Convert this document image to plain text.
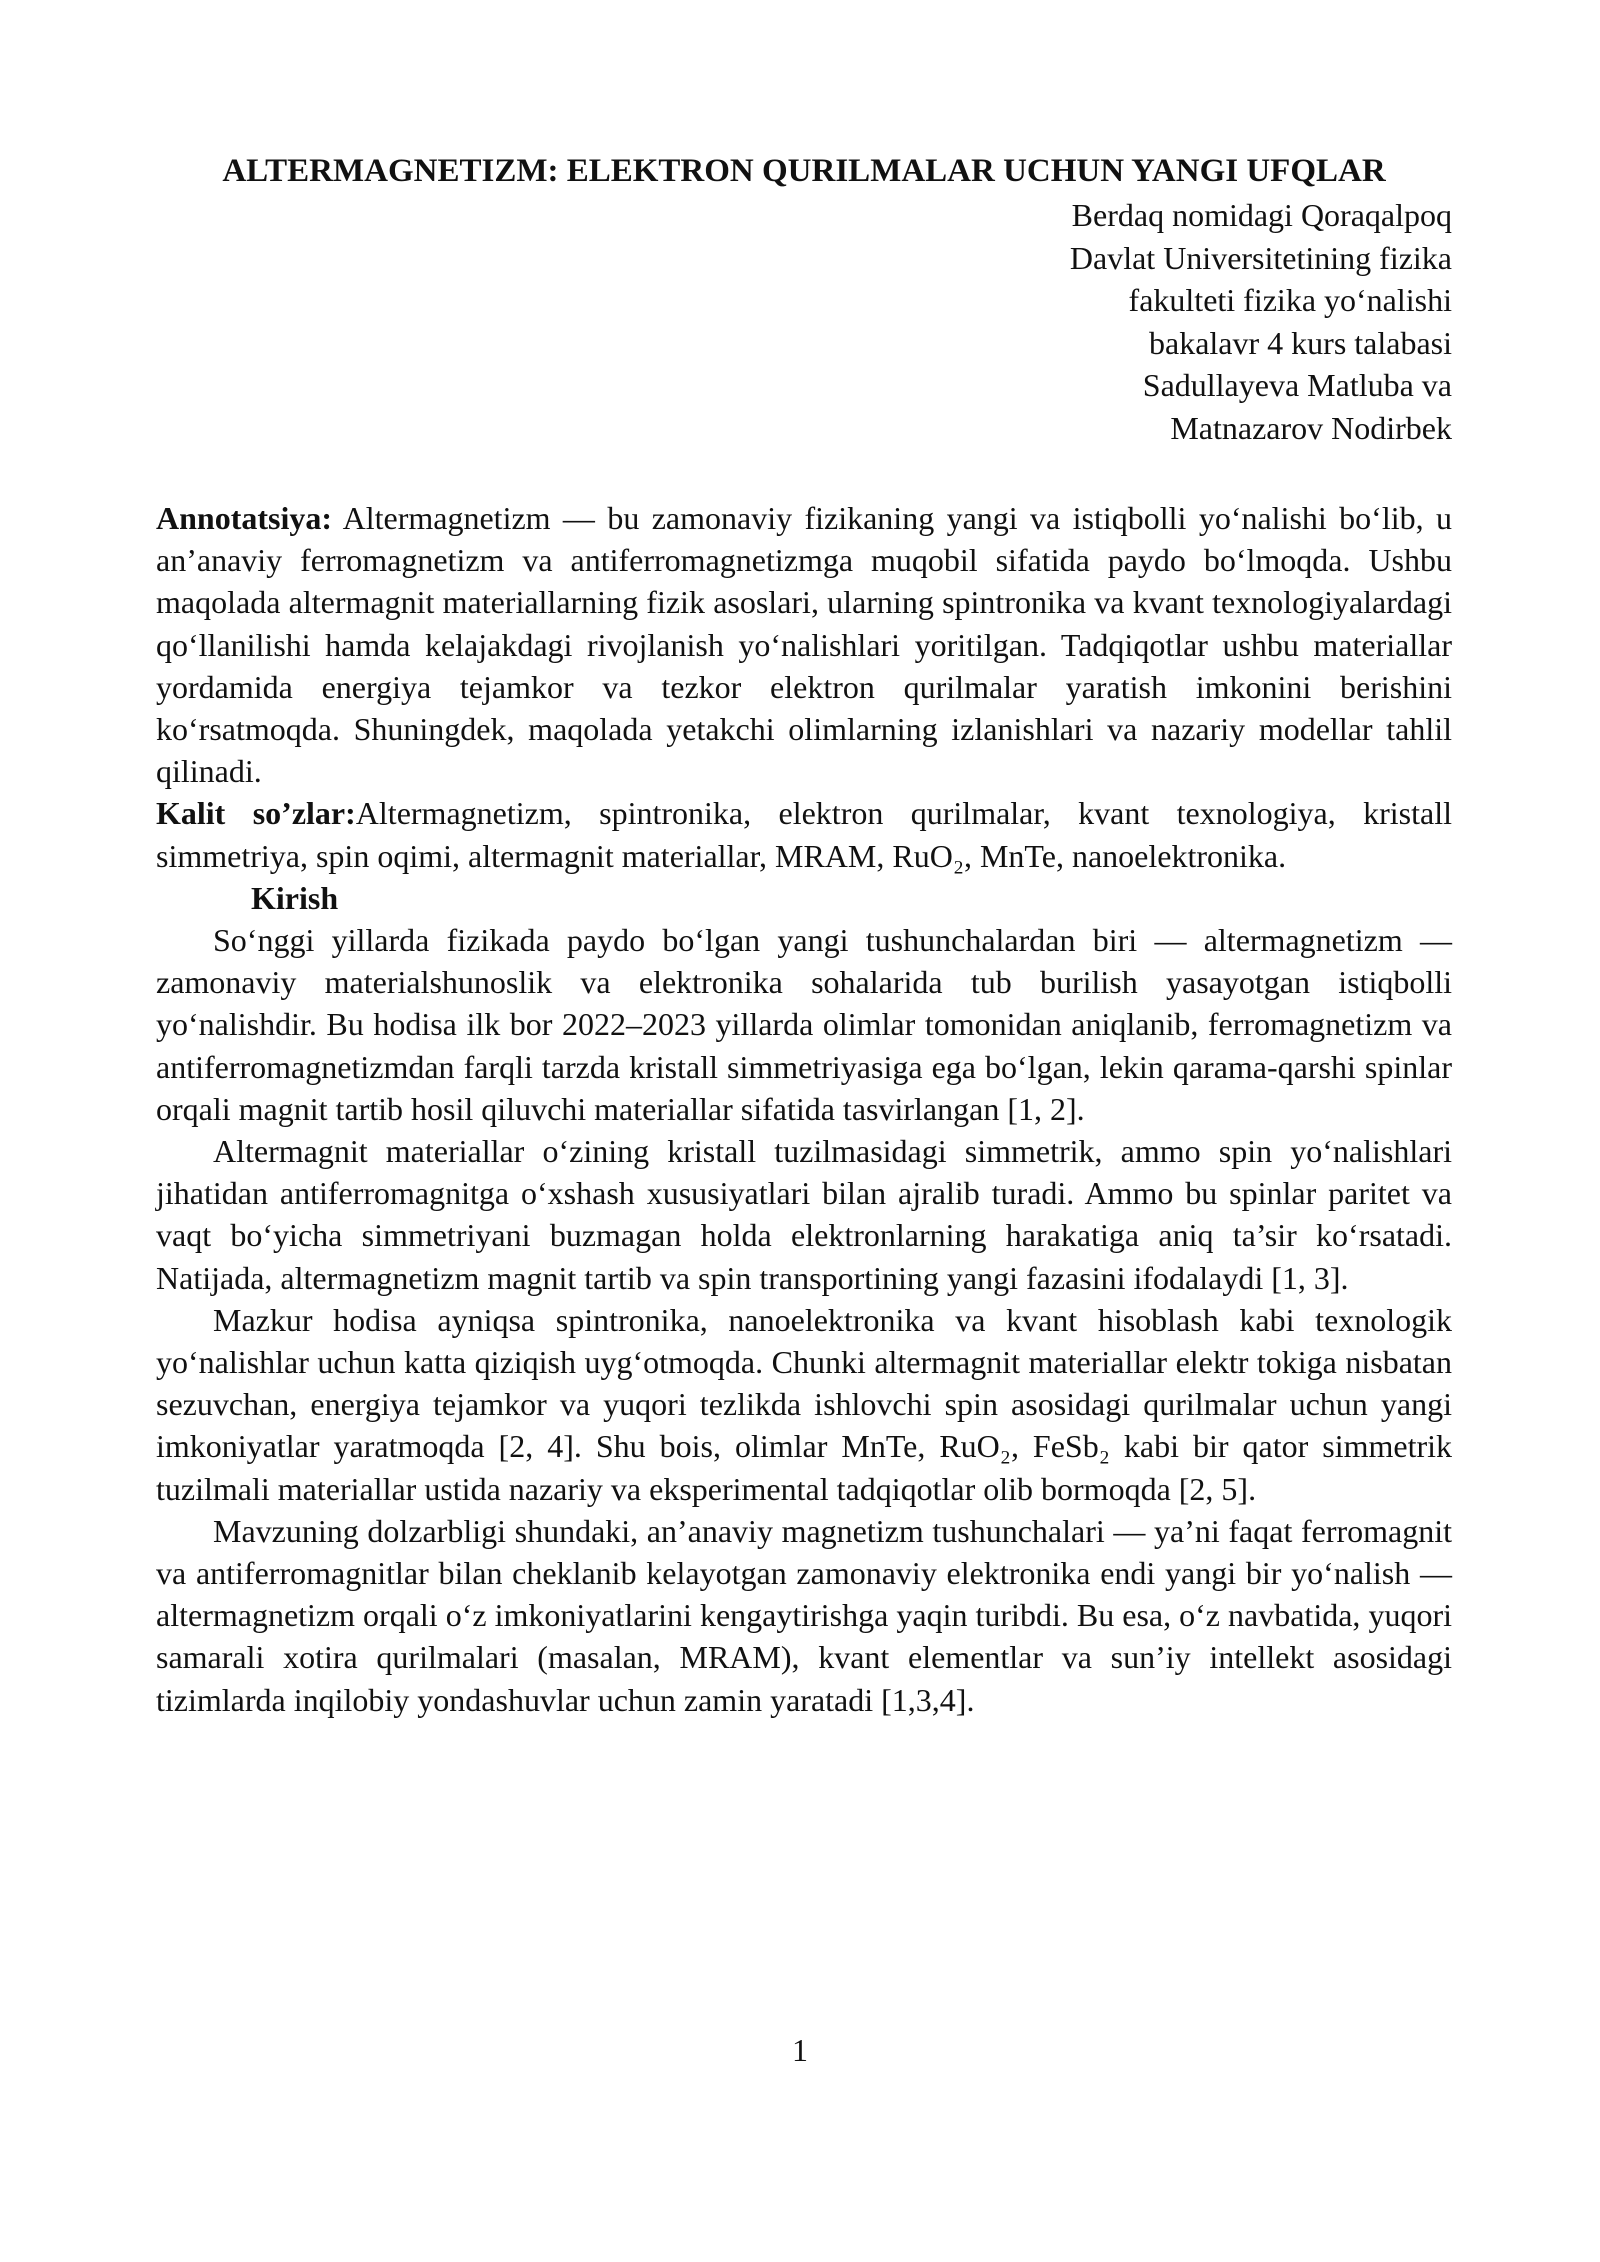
ALTERMAGNETIZM: ELEKTRON QURILMALAR UCHUN YANGI UFQLAR
Berdaq nomidagi Qoraqalpoq
Davlat Universitetining fizika
fakulteti fizika yo‘nalishi
bakalavr 4 kurs talabasi
Sadullayeva Matluba va
Matnazarov Nodirbek

Annotatsiya: Altermagnetizm — bu zamonaviy fizikaning yangi va istiqbolli yo‘nalishi bo‘lib, u an’anaviy ferromagnetizm va antiferromagnetizmga muqobil sifatida paydo bo‘lmoqda. Ushbu maqolada altermagnit materiallarning fizik asoslari, ularning spintronika va kvant texnologiyalardagi qo‘llanilishi hamda kelajakdagi rivojlanish yo‘nalishlari yoritilgan. Tadqiqotlar ushbu materiallar yordamida energiya tejamkor va tezkor elektron qurilmalar yaratish imkonini berishini ko‘rsatmoqda. Shuningdek, maqolada yetakchi olimlarning izlanishlari va nazariy modellar tahlil qilinadi.

Kalit so’zlar:Altermagnetizm, spintronika, elektron qurilmalar, kvant texnologiya, kristall simmetriya, spin oqimi, altermagnit materiallar, MRAM, RuO₂, MnTe, nanoelektronika.

Kirish

So‘nggi yillarda fizikada paydo bo‘lgan yangi tushunchalardan biri — altermagnetizm — zamonaviy materialshunoslik va elektronika sohalarida tub burilish yasayotgan istiqbolli yo‘nalishdir. Bu hodisa ilk bor 2022–2023 yillarda olimlar tomonidan aniqlanib, ferromagnetizm va antiferromagnetizmdan farqli tarzda kristall simmetriyasiga ega bo‘lgan, lekin qarama-qarshi spinlar orqali magnit tartib hosil qiluvchi materiallar sifatida tasvirlangan [1, 2].

Altermagnit materiallar o‘zining kristall tuzilmasidagi simmetrik, ammo spin yo‘nalishlari jihatidan antiferromagnitga o‘xshash xususiyatlari bilan ajralib turadi. Ammo bu spinlar paritet va vaqt bo‘yicha simmetriyani buzmagan holda elektronlarning harakatiga aniq ta’sir ko‘rsatadi. Natijada, altermagnetizm magnit tartib va spin transportining yangi fazasini ifodalaydi [1, 3].

Mazkur hodisa ayniqsa spintronika, nanoelektronika va kvant hisoblash kabi texnologik yo‘nalishlar uchun katta qiziqish uyg‘otmoqda. Chunki altermagnit materiallar elektr tokiga nisbatan sezuvchan, energiya tejamkor va yuqori tezlikda ishlovchi spin asosidagi qurilmalar uchun yangi imkoniyatlar yaratmoqda [2, 4]. Shu bois, olimlar MnTe, RuO₂, FeSb₂ kabi bir qator simmetrik tuzilmali materiallar ustida nazariy va eksperimental tadqiqotlar olib bormoqda [2, 5].

Mavzuning dolzarbligi shundaki, an’anaviy magnetizm tushunchalari — ya’ni faqat ferromagnit va antiferromagnitlar bilan cheklanib kelayotgan zamonaviy elektronika endi yangi bir yo‘nalish — altermagnetizm orqali o‘z imkoniyatlarini kengaytirishga yaqin turibdi. Bu esa, o‘z navbatida, yuqori samarali xotira qurilmalari (masalan, MRAM), kvant elementlar va sun’iy intellekt asosidagi tizimlarda inqilobiy yondashuvlar uchun zamin yaratadi [1,3,4].

1
